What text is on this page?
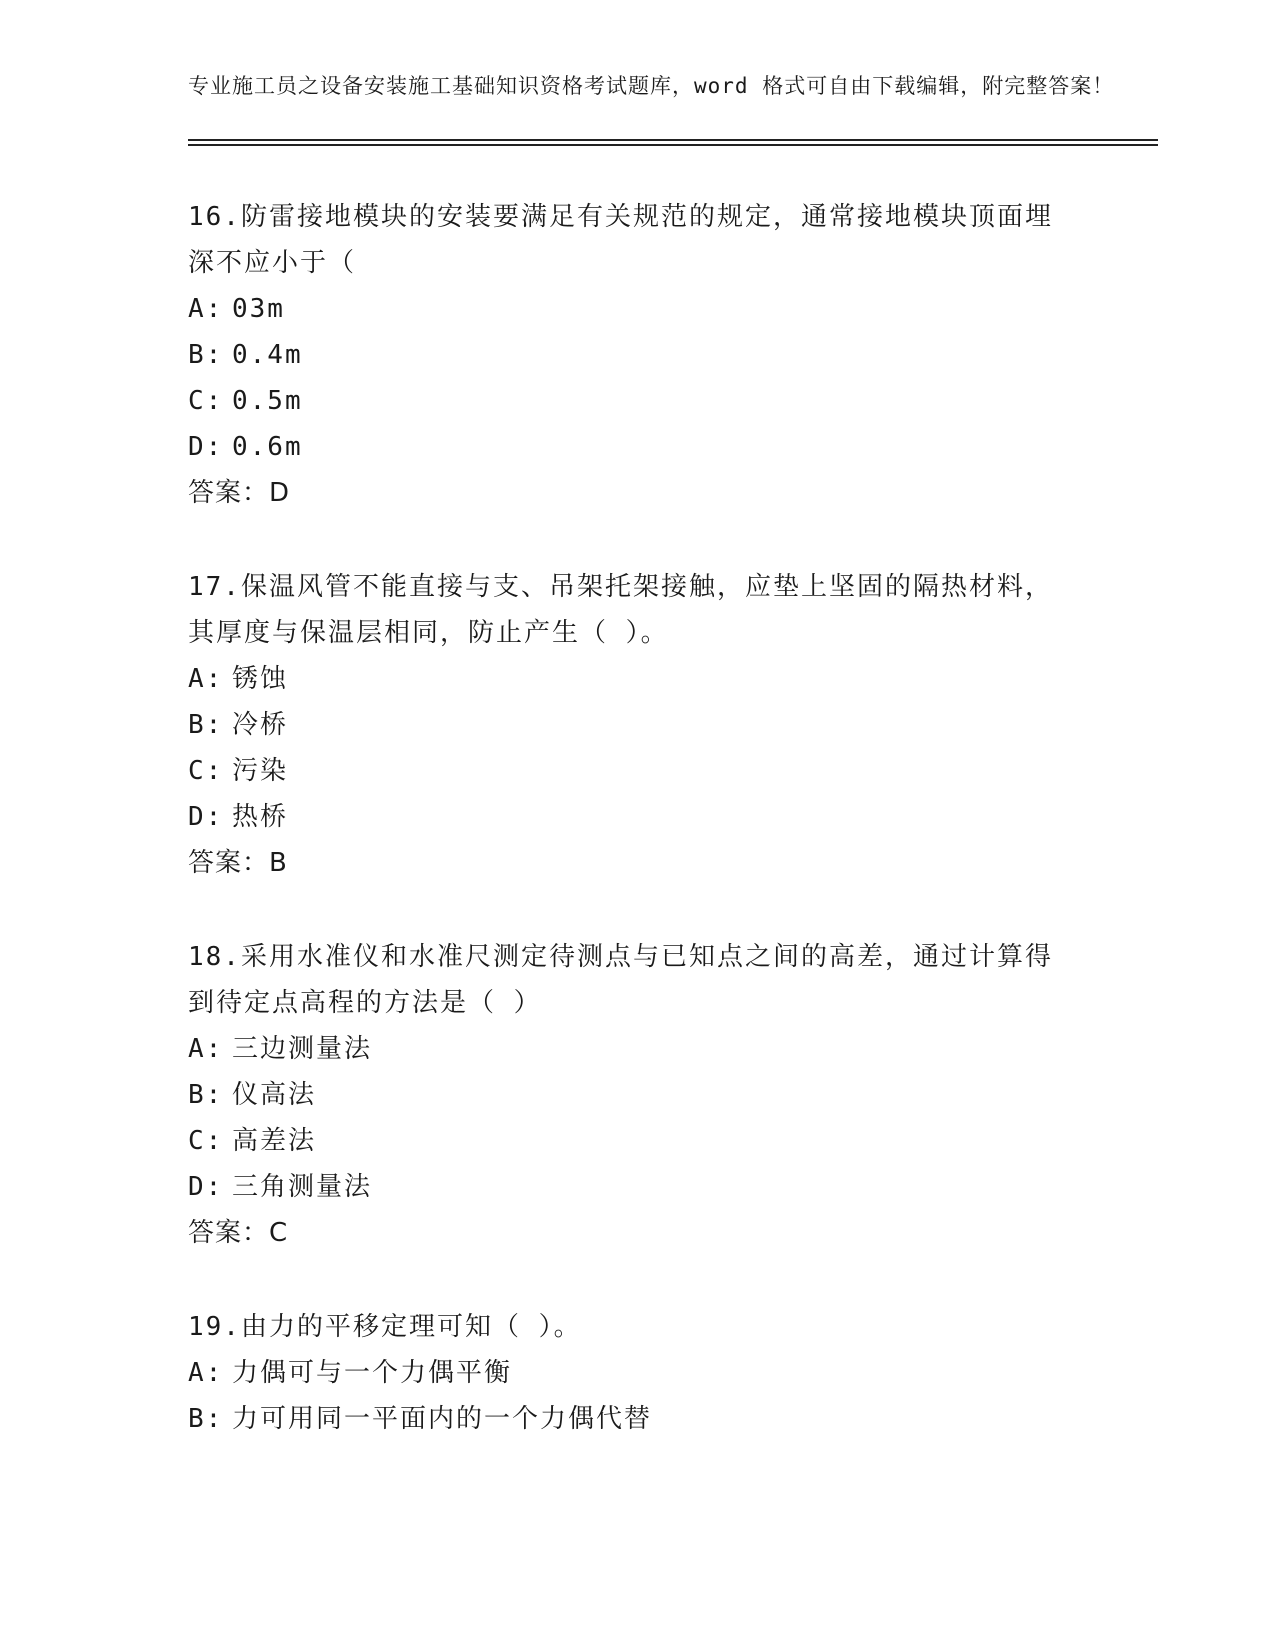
专业施工员之设备安装施工基础知识资格考试题库，word 格式可自由下载编辑，附完整答案！

16.防雷接地模块的安装要满足有关规范的规定，通常接地模块顶面埋深不应小于（

A: 03m
B: 0.4m
C: 0.5m
D: 0.6m

答案：D

17.保温风管不能直接与支、吊架托架接触，应垫上坚固的隔热材料，其厚度与保温层相同，防止产生（ ）。

A: 锈蚀
B: 冷桥
C: 污染
D: 热桥

答案：B

18.采用水准仪和水准尺测定待测点与已知点之间的高差，通过计算得到待定点高程的方法是（ ）

A: 三边测量法
B: 仪高法
C: 高差法
D: 三角测量法

答案：C

19.由力的平移定理可知（ ）。

A: 力偶可与一个力偶平衡
B: 力可用同一平面内的一个力偶代替
